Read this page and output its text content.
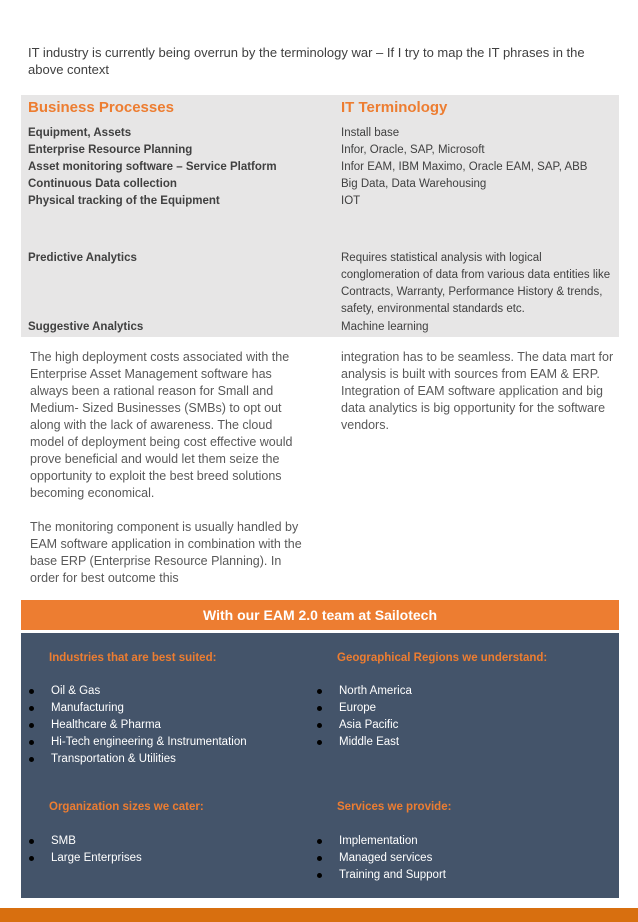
IT industry is currently being overrun by the terminology war – If I try to map the IT phrases in the above context

Business Processes	IT Terminology
Equipment, Assets	Install base
Enterprise Resource Planning	Infor, Oracle, SAP, Microsoft
Asset monitoring software – Service Platform	Infor EAM, IBM Maximo, Oracle EAM, SAP, ABB
Continuous Data collection	Big Data, Data Warehousing
Physical tracking of the Equipment	IOT
Predictive Analytics	Requires statistical analysis with logical conglomeration of data from various data entities like Contracts, Warranty, Performance History & trends, safety, environmental standards etc.
Suggestive Analytics	Machine learning

The high deployment costs associated with the Enterprise Asset Management software has always been a rational reason for Small and Medium- Sized Businesses (SMBs) to opt out along with the lack of awareness. The cloud model of deployment being cost effective would prove beneficial and would let them seize the opportunity to exploit the best breed solutions becoming economical.

The monitoring component is usually handled by EAM software application in combination with the base ERP (Enterprise Resource Planning). In order for best outcome this

integration has to be seamless. The data mart for analysis is built with sources from EAM & ERP. Integration of EAM software application and big data analytics is big opportunity for the software vendors.

With our EAM 2.0 team at Sailotech
Industries that are best suited:
Oil & Gas
Manufacturing
Healthcare & Pharma
Hi-Tech engineering & Instrumentation
Transportation & Utilities
Geographical Regions we understand:
North America
Europe
Asia Pacific
Middle East
Organization sizes we cater:
SMB
Large Enterprises
Services we provide:
Implementation
Managed services
Training and Support
